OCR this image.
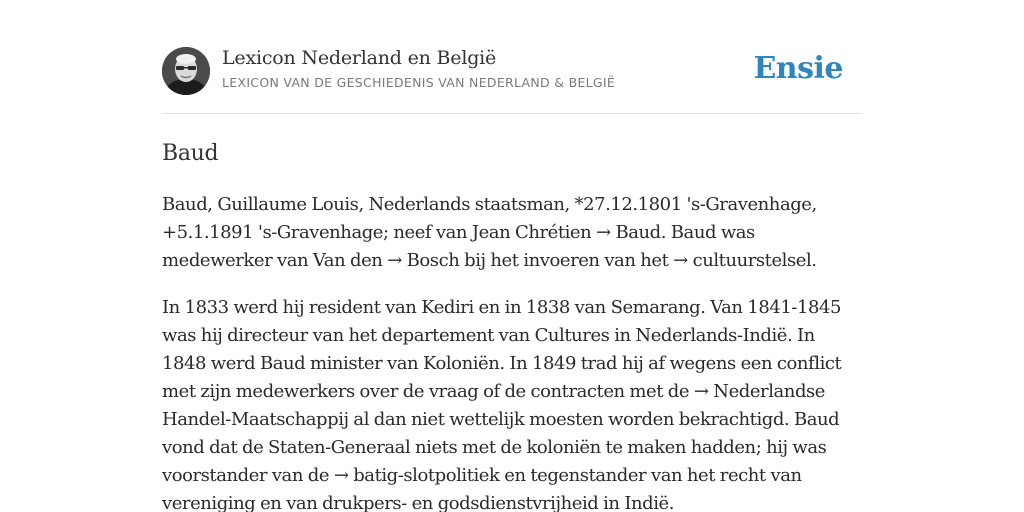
Lexicon Nederland en België
LEXICON VAN DE GESCHIEDENIS VAN NEDERLAND & BELGIË	Ensie
Baud

Baud, Guillaume Louis, Nederlands staatsman, *27.12.1801 's-Gravenhage, +5.1.1891 's-Gravenhage; neef van Jean Chrétien → Baud. Baud was medewerker van Van den → Bosch bij het invoeren van het → cultuurstelsel.

In 1833 werd hij resident van Kediri en in 1838 van Semarang. Van 1841-1845 was hij directeur van het departement van Cultures in Nederlands-Indië. In 1848 werd Baud minister van Koloniën. In 1849 trad hij af wegens een conflict met zijn medewerkers over de vraag of de contracten met de → Nederlandse Handel-Maatschappij al dan niet wettelijk moesten worden bekrachtigd. Baud vond dat de Staten-Generaal niets met de koloniën te maken hadden; hij was voorstander van de → batig-slotpolitiek en tegenstander van het recht van vereniging en van drukpers- en godsdienstvrijheid in Indië.
